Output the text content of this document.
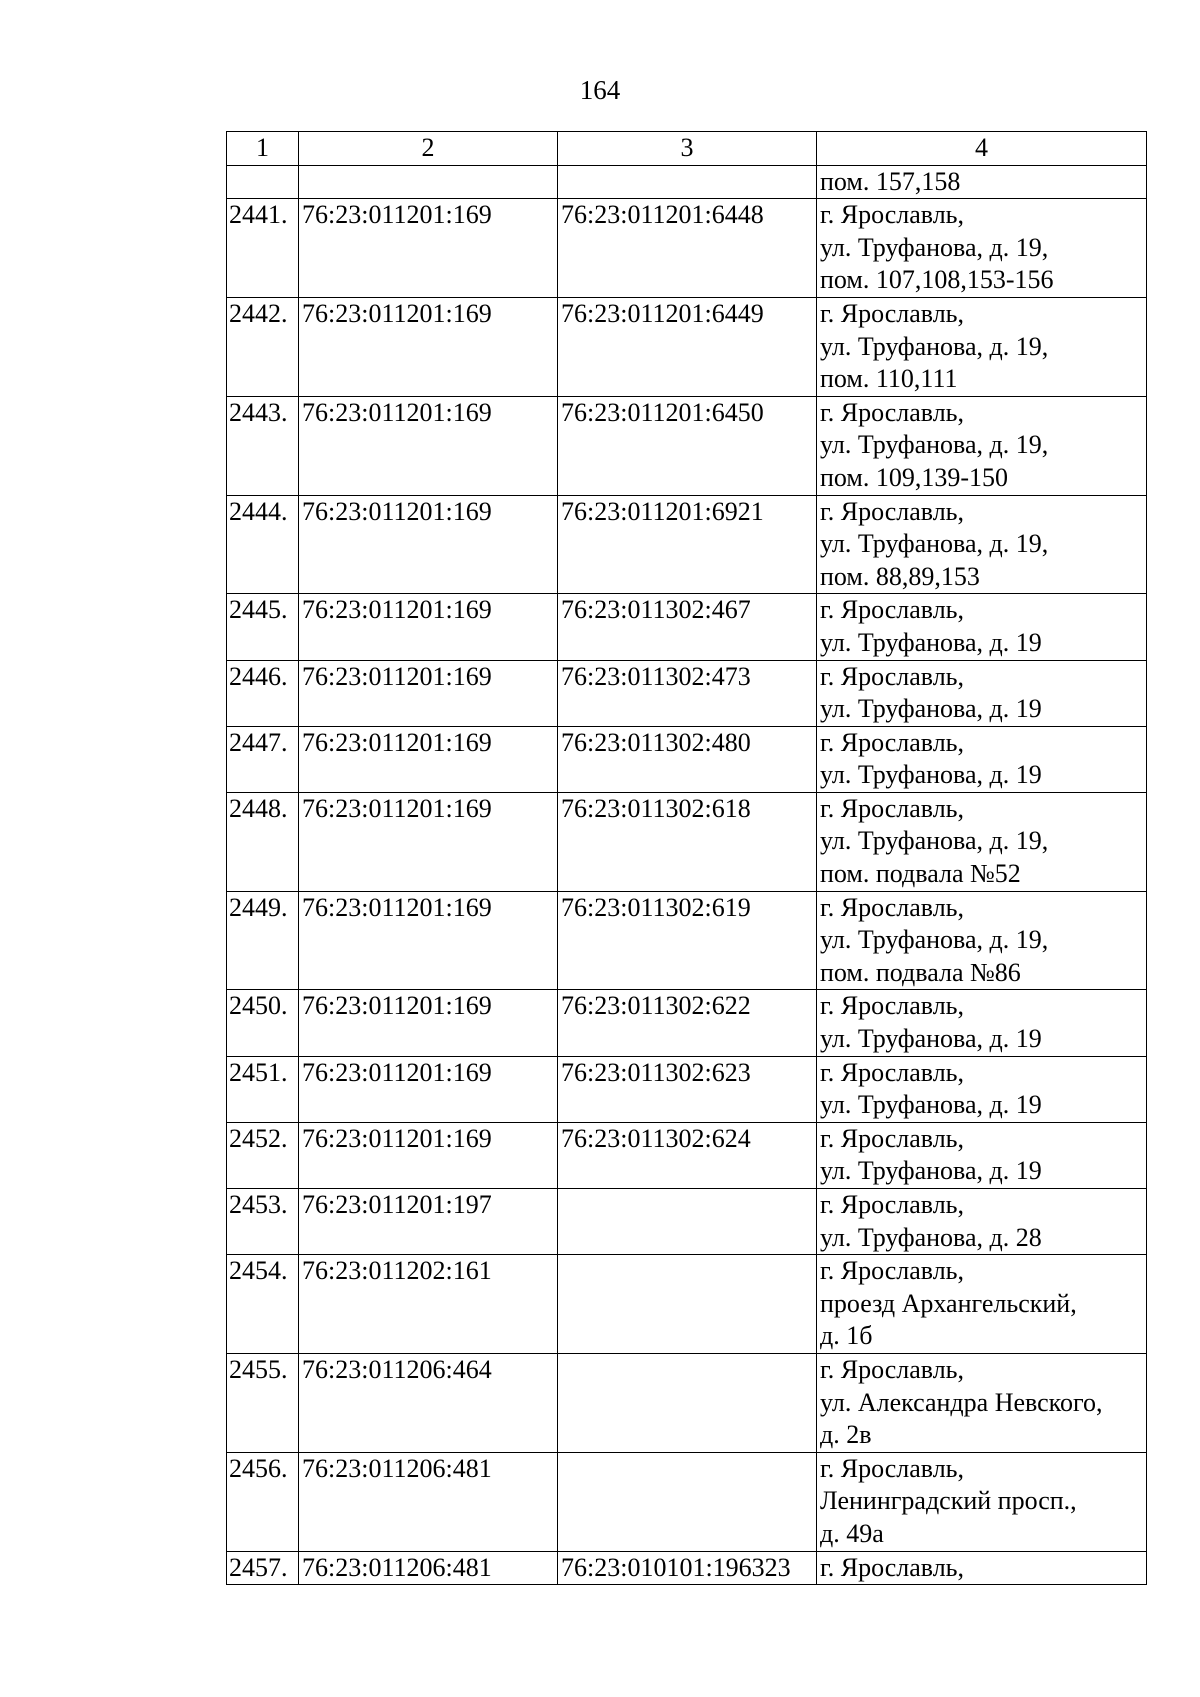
164
1	2	3	4

			пом. 157,158

2441.	76:23:011201:169	76:23:011201:6448	г. Ярославль,
ул. Труфанова, д. 19,
пом. 107,108,153-156

2442.	76:23:011201:169	76:23:011201:6449	г. Ярославль,
ул. Труфанова, д. 19,
пом. 110,111

2443.	76:23:011201:169	76:23:011201:6450	г. Ярославль,
ул. Труфанова, д. 19,
пом. 109,139-150

2444.	76:23:011201:169	76:23:011201:6921	г. Ярославль,
ул. Труфанова, д. 19,
пом. 88,89,153

2445.	76:23:011201:169	76:23:011302:467	г. Ярославль,
ул. Труфанова, д. 19

2446.	76:23:011201:169	76:23:011302:473	г. Ярославль,
ул. Труфанова, д. 19

2447.	76:23:011201:169	76:23:011302:480	г. Ярославль,
ул. Труфанова, д. 19

2448.	76:23:011201:169	76:23:011302:618	г. Ярославль,
ул. Труфанова, д. 19,
пом. подвала №52

2449.	76:23:011201:169	76:23:011302:619	г. Ярославль,
ул. Труфанова, д. 19,
пом. подвала №86

2450.	76:23:011201:169	76:23:011302:622	г. Ярославль,
ул. Труфанова, д. 19

2451.	76:23:011201:169	76:23:011302:623	г. Ярославль,
ул. Труфанова, д. 19

2452.	76:23:011201:169	76:23:011302:624	г. Ярославль,
ул. Труфанова, д. 19

2453.	76:23:011201:197		г. Ярославль,
ул. Труфанова, д. 28

2454.	76:23:011202:161		г. Ярославль,
проезд Архангельский,
д. 1б

2455.	76:23:011206:464		г. Ярославль,
ул. Александра Невского,
д. 2в

2456.	76:23:011206:481		г. Ярославль,
Ленинградский просп.,
д. 49а

2457.	76:23:011206:481	76:23:010101:196323	г. Ярославль,
